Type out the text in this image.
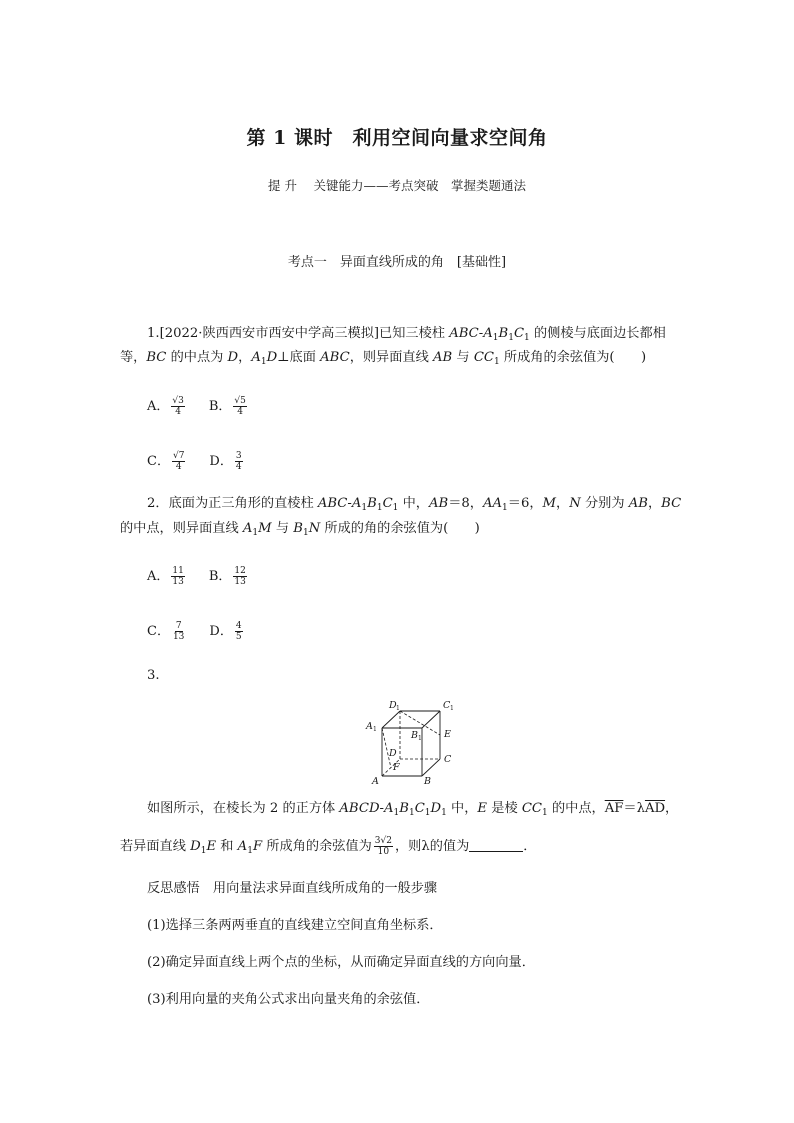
第 1 课时　利用空间向量求空间角
提 升　 关键能力——考点突破　掌握类题通法
考点一　异面直线所成的角　[基础性]
1.[2022·陕西西安市西安中学高三模拟]已知三棱柱 ABC-$A_1B_1C_1$ 的侧棱与底面边长都相
等，BC 的中点为 D，$A_1D\perp$底面 ABC，则异面直线 AB 与 $CC_1$ 所成角的余弦值为(　　)
A． $\frac{√3}{4}$ B． $\frac{√5}{4}$
C． $\frac{√7}{4}$ D． $\frac{3}{4}$
2．底面为正三角形的直棱柱 ABC-$A_1B_1C_1$ 中，AB＝8，$AA_1=6$，M，N 分别为 AB，BC
的中点，则异面直线 $A_1M$ 与 $B_1N$ 所成的角的余弦值为(　　)
A． $\frac{11}{13}$ B． $\frac{12}{13}$
C． $\frac{7}{13}$ D． $\frac{4}{5}$
3.
D 1	C 1
A 1
B 1 E
D
C
F
A	B
如图所示，在棱长为 2 的正方体 ABCD-$A_1B_1C_1D_1$ 中，E 是棱 $CC_1$ 的中点，$\overline{AF}=\lambda\overline{AD}$，
若异面直线 $D_1E$ 和 $A_1F$ 所成角的余弦值为 $\frac{3√2}{10}$ ，则λ的值为	．
反思感悟　用向量法求异面直线所成角的一般步骤
(1)选择三条两两垂直的直线建立空间直角坐标系．
(2)确定异面直线上两个点的坐标，从而确定异面直线的方向向量．
(3)利用向量的夹角公式求出向量夹角的余弦值．
